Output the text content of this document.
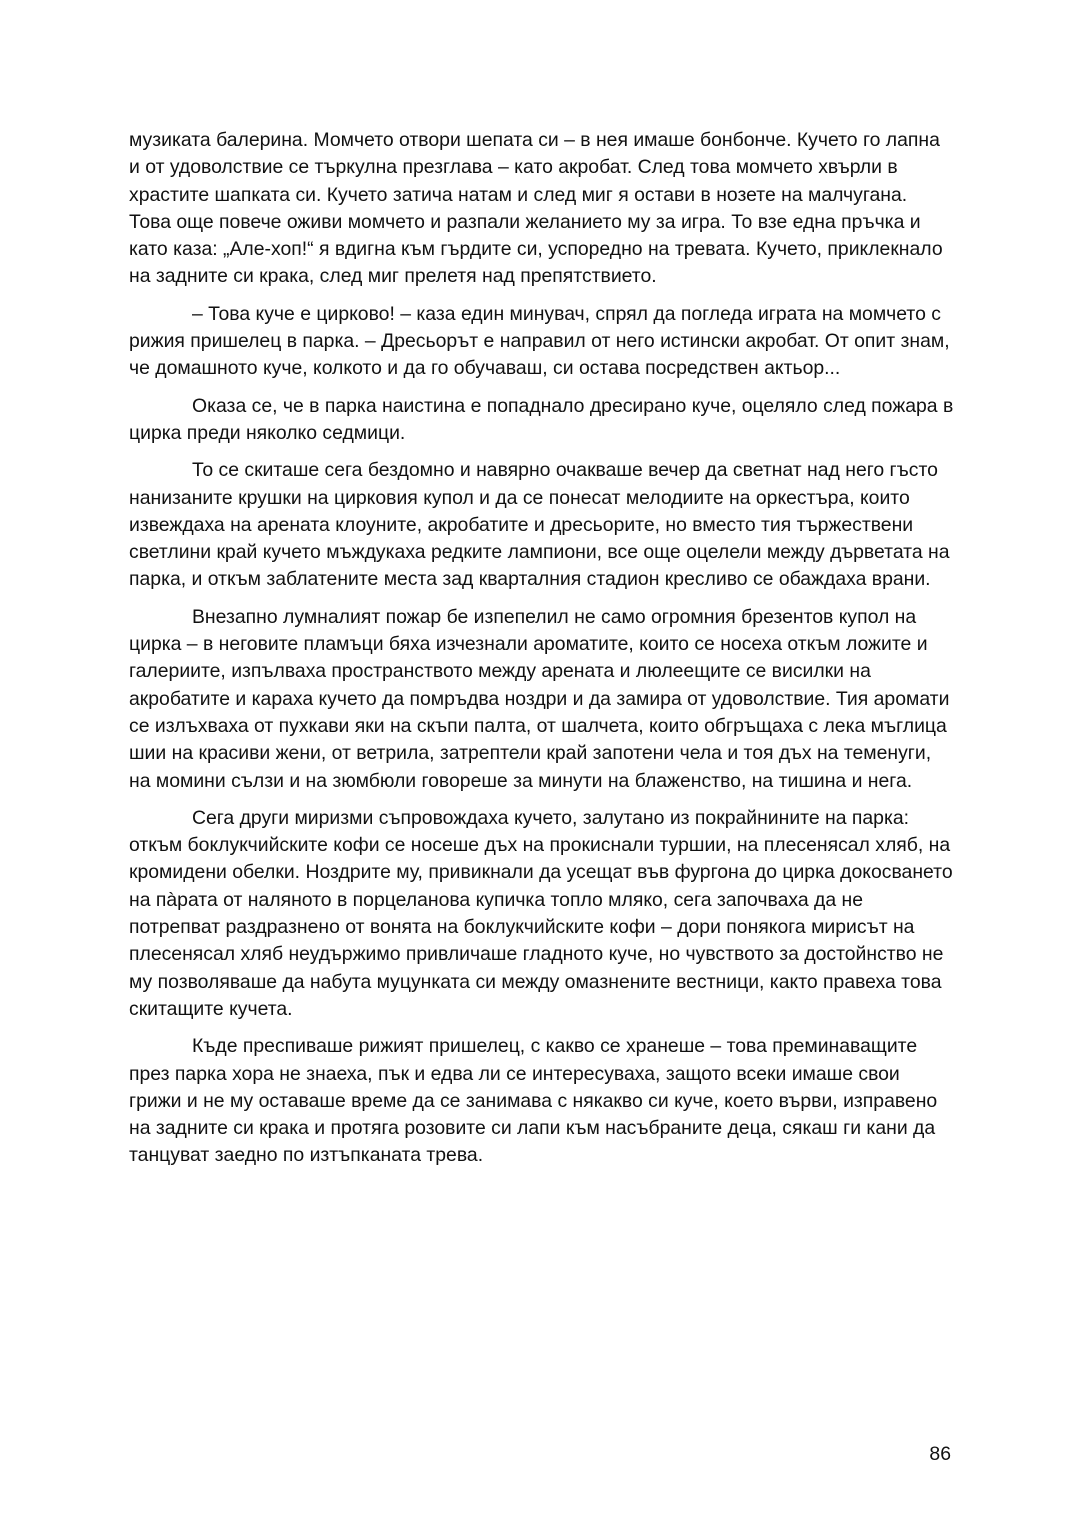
музиката балерина. Момчето отвори шепата си – в нея имаше бонбонче. Кучето го лапна и от удоволствие се търкулна презглава – като акробат. След това момчето хвърли в храстите шапката си. Кучето затича натам и след миг я остави в нозете на малчугана. Това още повече оживи момчето и разпали желанието му за игра. То взе една пръчка и като каза: „Але-хоп!“ я вдигна към гърдите си, успоредно на тревата. Кучето, приклекнало на задните си крака, след миг прелетя над препятствието.

– Това куче е цирково! – каза един минувач, спрял да погледа играта на момчето с рижия пришелец в парка. – Дресьорът е направил от него истински акробат. От опит знам, че домашното куче, колкото и да го обучаваш, си остава посредствен актьор...

Оказа се, че в парка наистина е попаднало дресирано куче, оцеляло след пожара в цирка преди няколко седмици.

То се скиташе сега бездомно и навярно очакваше вечер да светнат над него гъсто нанизаните крушки на цирковия купол и да се понесат мелодиите на оркестъра, които извеждаха на арената клоуните, акробатите и дресьорите, но вместо тия тържествени светлини край кучето мъждукаха редките лампиони, все още оцелели между дърветата на парка, и откъм заблатените места зад кварталния стадион кресливо се обаждаха врани.

Внезапно лумналият пожар бе изпепелил не само огромния брезентов купол на цирка – в неговите пламъци бяха изчезнали ароматите, които се носеха откъм ложите и галериите, изпълваха пространството между арената и люлеещите се висилки на акробатите и караха кучето да помръдва ноздри и да замира от удоволствие. Тия аромати се излъхваха от пухкави яки на скъпи палта, от шалчета, които обгръщаха с лека мъглица шии на красиви жени, от ветрила, затрептели край запотени чела и тоя дъх на теменуги, на момини сълзи и на зюмбюли говореше за минути на блаженство, на тишина и нега.

Сега други миризми съпровождаха кучето, залутано из покрайнините на парка: откъм боклукчийските кофи се носеше дъх на прокиснали туршии, на плесенясал хляб, на кромидени обелки. Ноздрите му, привикнали да усещат във фургона до цирка докосването на пàрата от наляното в порцеланова купичка топло мляко, сега започваха да не потрепват раздразнено от вонята на боклукчийските кофи – дори понякога мирисът на плесенясал хляб неудържимо привличаше гладното куче, но чувството за достойнство не му позволяваше да набута муцунката си между омазнените вестници, както правеха това скитащите кучета.

Къде преспиваше рижият пришелец, с какво се хранеше – това преминаващите през парка хора не знаеха, пък и едва ли се интересуваха, защото всеки имаше свои грижи и не му оставаше време да се занимава с някакво си куче, което върви, изправено на задните си крака и протяга розовите си лапи към насъбраните деца, сякаш ги кани да танцуват заедно по изтъпканата трева.

86
